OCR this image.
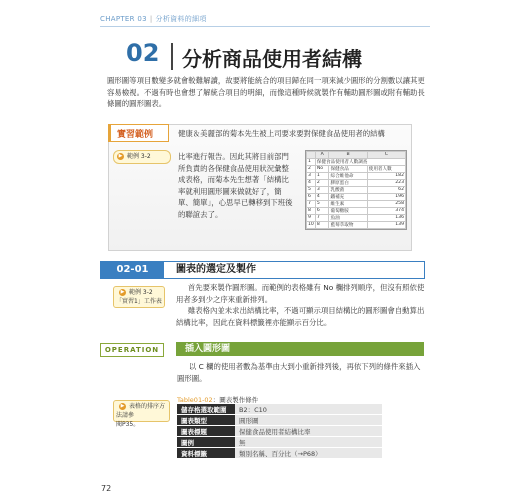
CHAPTER 03 | 分析資料的細項
02 分析商品使用者結構
圓形圖等項目數變多就會較難解讀，故要將能統合的項目歸在同一項來減少圓形的分割數以讓其更容易檢視。不過有時也會想了解統合項目的明細，而像這種時候就製作有輔助圓形圖或附有輔助長條圖的圓形圖表。
實習範例
▶ 範例 3-2
健康＆美麗部的菊本先生被上司要求要對保健食品使用者的結構
比率進行報告。因此其將目前部門所負責的各保健食品使用狀況彙整成表格，而菊本先生想著「結構比率就利用圓形圖來做就好了，簡單、簡單」，心思早已轉移到下班後的聯誼去了。
	A	B	C
1	保健食品使用者人數調查		
2	No	保健食品	使用者人數
3	1	綜合維他命	182
4	2	膠原蛋白	223
5	3	乳酸菌	62
6	4	鐵補充	196
7	5	維生素	258
8	6	葡萄糖胺	374
9	7	魚油	136
10	8	藍莓萃取物	139
02-01	圖表的選定及製作
▶ 範例 3-2
「實習1」工作表
首先要來製作圓形圖。而範例的表格雖有 No 欄排列順序，但沒有照依使用者多到少之序來重新排列。
雖表格內並未求出結構比率，不過可顯示項目結構比的圓形圖會自動算出結構比率，因此在資料標籤裡亦能顯示百分比。
OPERATION	插入圓形圖
以 C 欄的使用者數為基準由大到小重新排列後，再依下列的條件來插入圓形圖。
▶ 表格的排序方法請參
閱P35。
Table01-02：圖表製作條件
儲存格選取範圍	B2：C10
圖表類型	圓形圖
圖表標題	保健食品使用者結構比率
圖例	無
資料標籤	類別名稱、百分比（→P68）
72
